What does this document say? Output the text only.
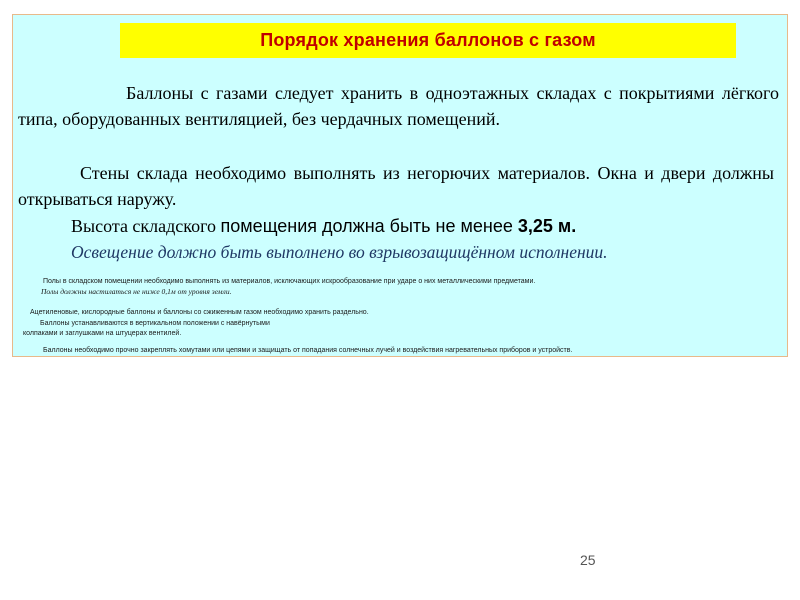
Порядок хранения баллонов с газом

Баллоны с газами следует хранить в одноэтажных складах с покрытиями лёгкого типа, оборудованных вентиляцией, без чердачных помещений.

Стены склада необходимо выполнять из негорючих материалов. Окна и двери должны открываться наружу.

Высота складского помещения должна быть не менее 3,25 м.

Освещение должно быть выполнено во взрывозащищённом исполнении.

Полы в складском помещении необходимо выполнять из материалов, исключающих искрообразование при ударе о них металлическими предметами.

Полы должны настилаться не ниже 0,1м от уровня земли.

Ацетиленовые, кислородные баллоны и баллоны со сжиженным газом необходимо хранить раздельно.

Баллоны устанавливаются в вертикальном положении с навёрнутыми

колпаками и заглушками на штуцерах вентилей.

Баллоны необходимо прочно закреплять хомутами или цепями и защищать от попадания солнечных лучей и воздействия нагревательных приборов и устройств.

25
